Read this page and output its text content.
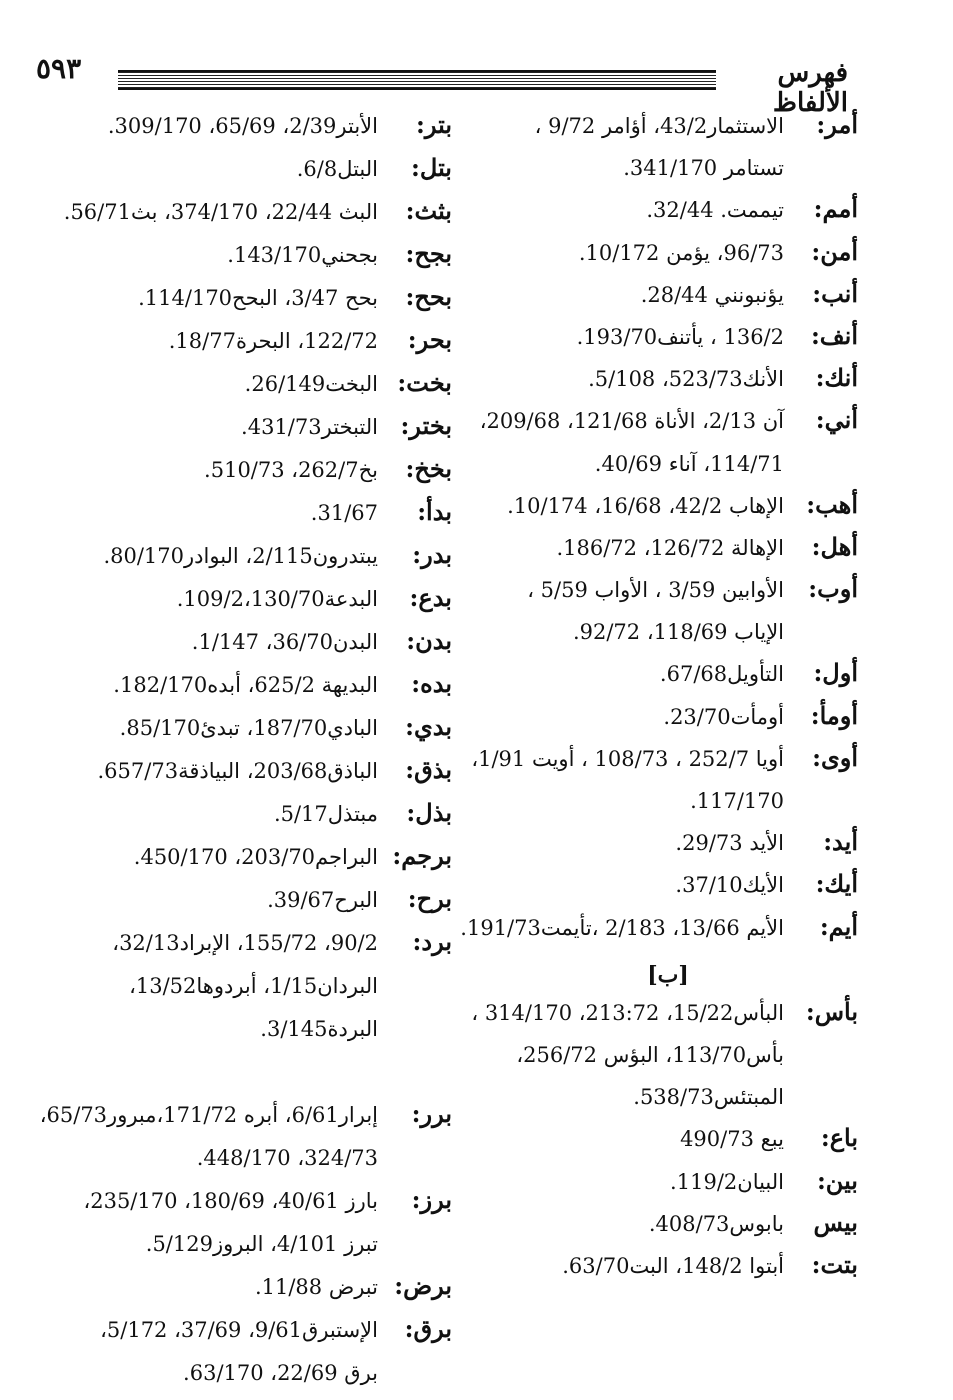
٥٩٣	فهرس الألفاظ
أمر:
الاستثمار43/2، أؤامر 9/72 ،
تستامر 341/170.
أمم:
تيممت. 32/44.
أمن:
96/73، يؤمن 10/172.
أنب:
يؤنبونني 28/44.
أنف:
136/2 ، يأتنف193/70.
أنك:
الأنك523/73، 5/108.
أني:
آن 2/13، الأناة 121/68، 209/68،
114/71، آناء 40/69.
أهب:
الإهاب 42/2، 16/68، 10/174.
أهل:
الإهالة 126/72، 186/72.
أوب:
الأوابين 3/59 ، الأواب 5/59 ،
الإياب 118/69، 92/72.
أول:
التأويل67/68.
أومأ:
أومأت23/70.
أوى:
أويا 252/7 ، 108/73 ، أويت 1/91،
117/170.
أيد:
الأيد 29/73.
أيك:
الأيك37/10.
أيم:
الأيم 13/66، 2/183 ،تأيمت191/73.
[ب]
بأس:
البأس15/22، 213:72، 314/170 ،
بأس113/70، البؤس 256/72،
المبتئس538/73.
باع:
يبع 490/73
بين:
البيان119/2.
بيس
بابوس408/73.
بتت:
أبتوا 148/2، البت63/70.
بتر:
الأبتر2/39، 65/69، 309/170.
بتل:
البتل6/8.
بثث:
البث 22/44، 374/170، بث56/71.
بجح:
بجحني143/170.
بحح:
بحح 3/47، البحح114/170.
بحر:
122/72، البحرة18/77.
بخت:
البخت26/149.
بختر:
التبختر431/73.
بخخ:
بخ262/7، 510/73.
بدأ:
31/67.
بدر:
يبتدرون2/115، البوادر80/170.
بدع:
البدعة109/2،130/70.
بدن:
البدن36/70، 1/147.
بده:
البديهة 625/2، أبده182/170.
بدي:
البادي187/70، تبدئ85/170.
بذق:
الباذق203/68، البياذقة657/73.
بذل:
مبتذل5/17.
برجم:
البراجم203/70، 450/170.
برح:
البرح39/67.
برد:
90/2، 155/72، الإبراد32/13،
البردان1/15، أبردوها13/52،
البردة3/145.
برر:
إبرار6/61، أبره 171/72،مبرور65/73،
324/73، 448/170.
برز:
بارز 40/61، 180/69، 235/170،
تبرز 4/101، البروز5/129.
برض:
تبرض 11/88.
برق:
الإستبرق9/61، 37/69، 5/172،
برق 22/69، 63/170.
